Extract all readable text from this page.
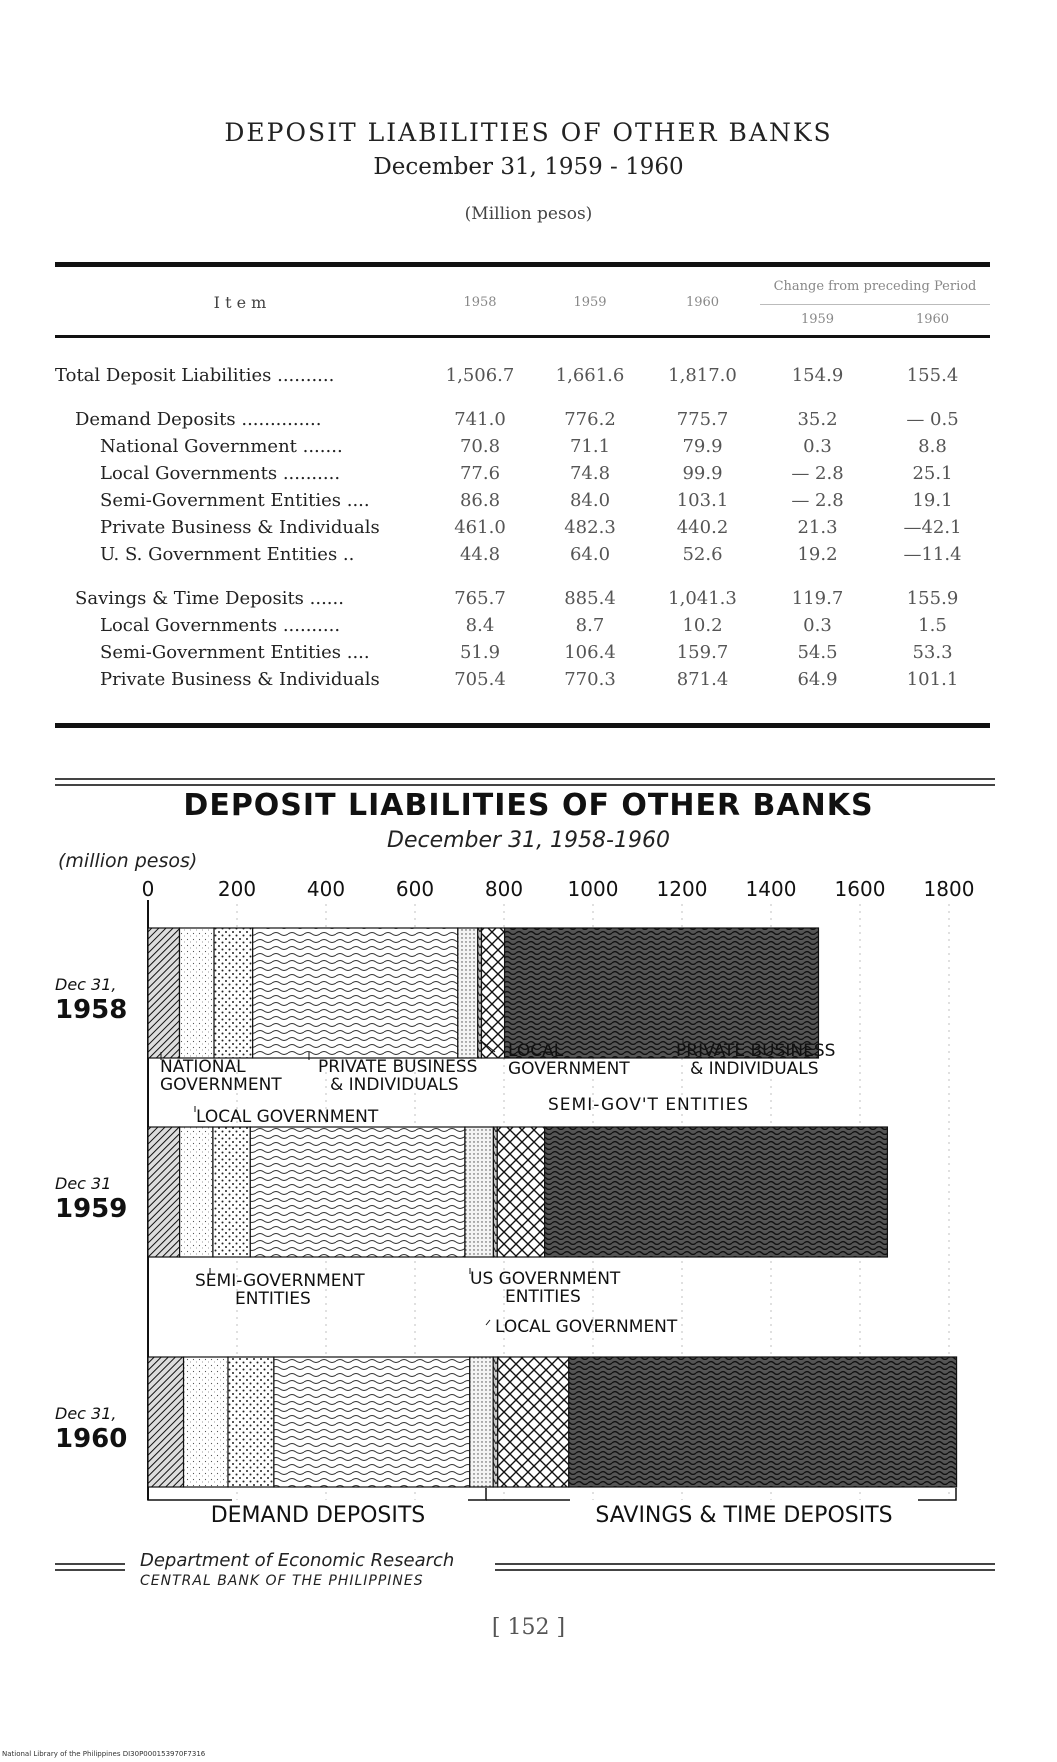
DEPOSIT LIABILITIES OF OTHER BANKS
December 31, 1959 - 1960
(Million pesos)
I t e m	1958	1959	1960	Change from preceding Period	
				1959	1960
Total Deposit Liabilities ..........	1,506.7	1,661.6	1,817.0	154.9	155.4
Demand Deposits ..............	741.0	776.2	775.7	35.2	— 0.5
National Government .......	70.8	71.1	79.9	0.3	8.8
Local Governments ..........	77.6	74.8	99.9	— 2.8	25.1
Semi-Government Entities ....	86.8	84.0	103.1	— 2.8	19.1
Private Business & Individuals	461.0	482.3	440.2	21.3	—42.1
U. S. Government Entities ..	44.8	64.0	52.6	19.2	—11.4
Savings & Time Deposits ......	765.7	885.4	1,041.3	119.7	155.9
Local Governments ..........	8.4	8.7	10.2	0.3	1.5
Semi-Government Entities ....	51.9	106.4	159.7	54.5	53.3
Private Business & Individuals	705.4	770.3	871.4	64.9	101.1
DEPOSIT LIABILITIES OF OTHER BANKS
December 31, 1958-1960
(million pesos)
0	200	400	600	800 1000 1200 1400 1600 1800
Dec 31,
1958
Dec 31
1959
Dec 31,
1960
NATIONAL
GOVERNMENT
PRIVATE BUSINESS
& INDIVIDUALS
LOCAL
GOVERNMENT
PRIVATE BUSINESS
& INDIVIDUALS
SEMI-GOV'T ENTITIES
LOCAL GOVERNMENT
SEMI-GOVERNMENT
ENTITIES
US GOVERNMENT
ENTITIES
LOCAL GOVERNMENT
DEMAND DEPOSITS	SAVINGS & TIME DEPOSITS
Department of Economic Research
CENTRAL BANK OF THE PHILIPPINES
[ 152 ]
National Library of the Philippines DI30P000153970F7316
